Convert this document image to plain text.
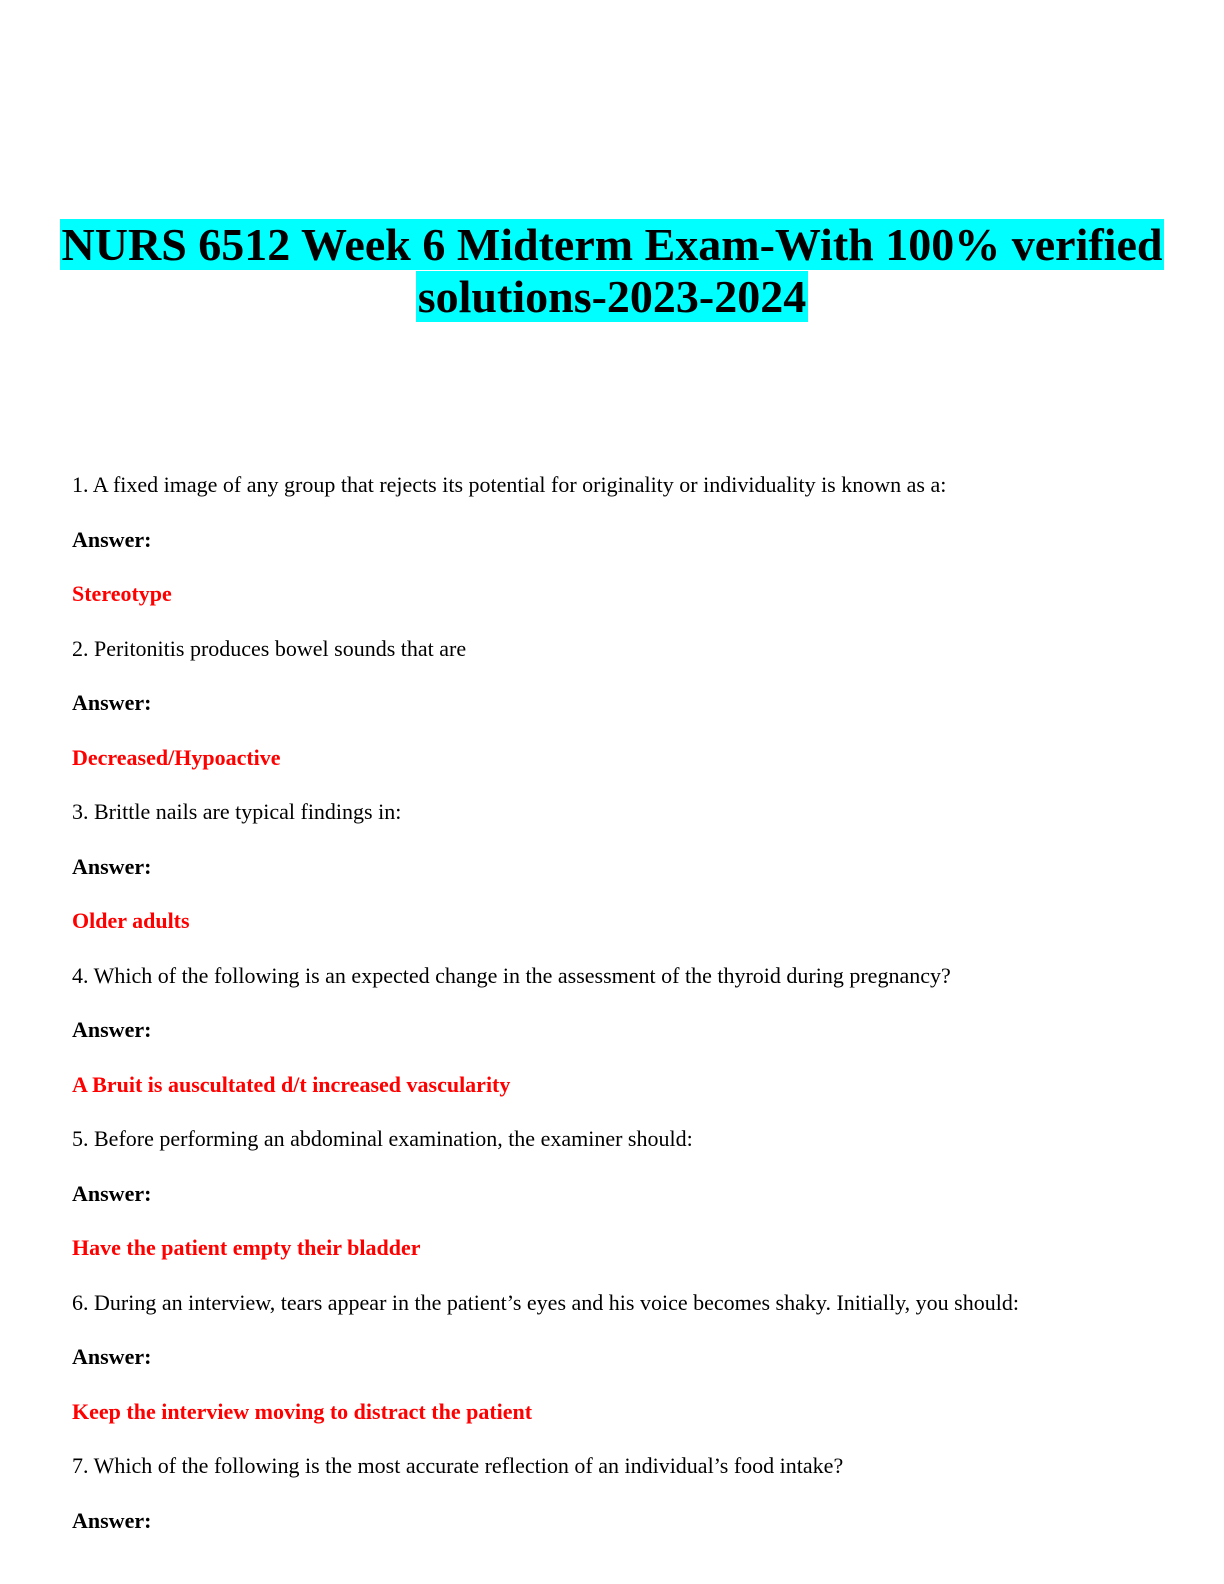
NURS 6512 Week 6 Midterm Exam-With 100% verified
solutions-2023-2024
1. A fixed image of any group that rejects its potential for originality or individuality is known as a:
Answer:
Stereotype
2. Peritonitis produces bowel sounds that are
Answer:
Decreased/Hypoactive
3. Brittle nails are typical findings in:
Answer:
Older adults
4. Which of the following is an expected change in the assessment of the thyroid during pregnancy?
Answer:
A Bruit is auscultated d/t increased vascularity
5. Before performing an abdominal examination, the examiner should:
Answer:
Have the patient empty their bladder
6. During an interview, tears appear in the patient’s eyes and his voice becomes shaky. Initially, you should:
Answer:
Keep the interview moving to distract the patient
7. Which of the following is the most accurate reflection of an individual’s food intake?
Answer:
